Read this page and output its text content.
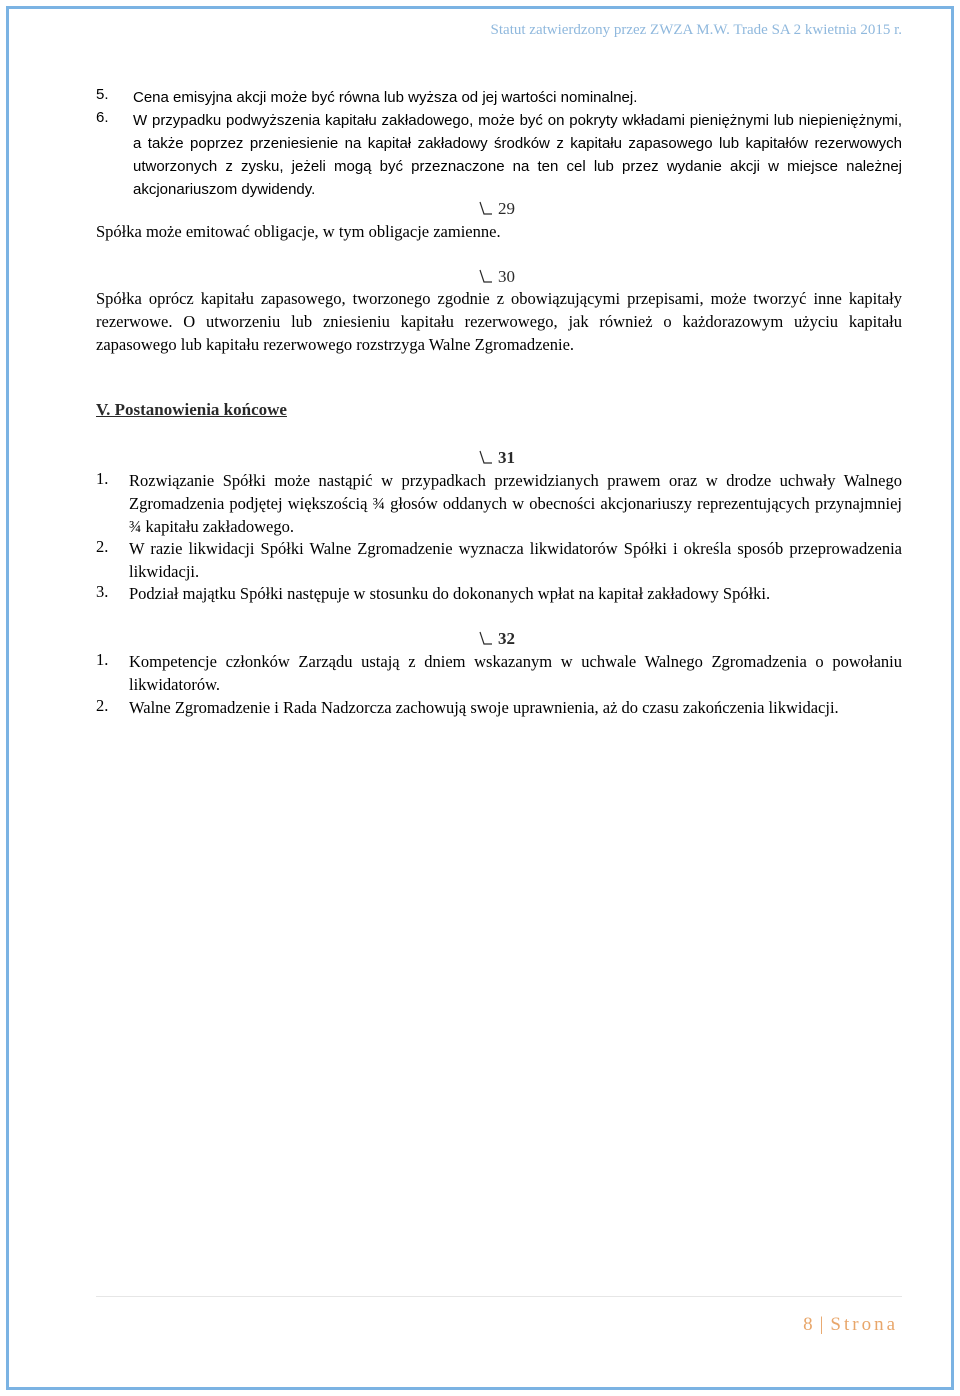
Statut zatwierdzony przez ZWZA M.W. Trade SA 2 kwietnia 2015 r.
5. Cena emisyjna akcji może być równa lub wyższa od jej wartości nominalnej.
6. W przypadku podwyższenia kapitału zakładowego, może być on pokryty wkładami pieniężnymi lub niepieniężnymi, a także poprzez przeniesienie na kapitał zakładowy środków z kapitału zapasowego lub kapitałów rezerwowych utworzonych z zysku, jeżeli mogą być przeznaczone na ten cel lub przez wydanie akcji w miejsce należnej akcjonariuszom dywidendy.
29
Spółka może emitować obligacje, w tym obligacje zamienne.
30
Spółka oprócz kapitału zapasowego, tworzonego zgodnie z obowiązującymi przepisami, może tworzyć inne kapitały rezerwowe. O utworzeniu lub zniesieniu kapitału rezerwowego, jak również o każdorazowym użyciu kapitału zapasowego lub kapitału rezerwowego rozstrzyga Walne Zgromadzenie.
V. Postanowienia końcowe
31
1. Rozwiązanie Spółki może nastąpić w przypadkach przewidzianych prawem oraz w drodze uchwały Walnego Zgromadzenia podjętej większością ¾ głosów oddanych w obecności akcjonariuszy reprezentujących przynajmniej ¾ kapitału zakładowego.
2. W razie likwidacji Spółki Walne Zgromadzenie wyznacza likwidatorów Spółki i określa sposób przeprowadzenia likwidacji.
3. Podział majątku Spółki następuje w stosunku do dokonanych wpłat na kapitał zakładowy Spółki.
32
1. Kompetencje członków Zarządu ustają z dniem wskazanym w uchwale Walnego Zgromadzenia o powołaniu likwidatorów.
2. Walne Zgromadzenie i Rada Nadzorcza zachowują swoje uprawnienia, aż do czasu zakończenia likwidacji.
8 | Strona
